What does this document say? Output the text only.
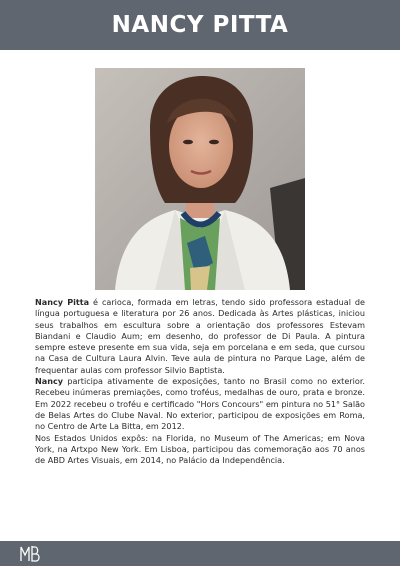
NANCY PITTA

Nancy Pitta é carioca, formada em letras, tendo sido professora estadual de língua portuguesa e literatura por 26 anos. Dedicada às Artes plásticas, iniciou seus trabalhos em escultura sobre a orientação dos professores Estevam Biandani e Claudio Aum; em desenho, do professor de Di Paula. A pintura sempre esteve presente em sua vida, seja em porcelana e em seda, que cursou na Casa de Cultura Laura Alvin. Teve aula de pintura no Parque Lage, além de frequentar aulas com professor Silvio Baptista.

Nancy participa ativamente de exposições, tanto no Brasil como no exterior. Recebeu inúmeras premiações, como troféus, medalhas de ouro, prata e bronze. Em 2022 recebeu o troféu e certificado "Hors Concours" em pintura no 51° Salão de Belas Artes do Clube Naval. No exterior, participou de exposições em Roma, no Centro de Arte La Bitta, em 2012.

Nos Estados Unidos expôs: na Florida, no Museum of The Americas; em Nova York, na Artxpo New York. Em Lisboa, participou das comemoração aos 70 anos de ABD Artes Visuais, em 2014, no Palácio da Independência.
